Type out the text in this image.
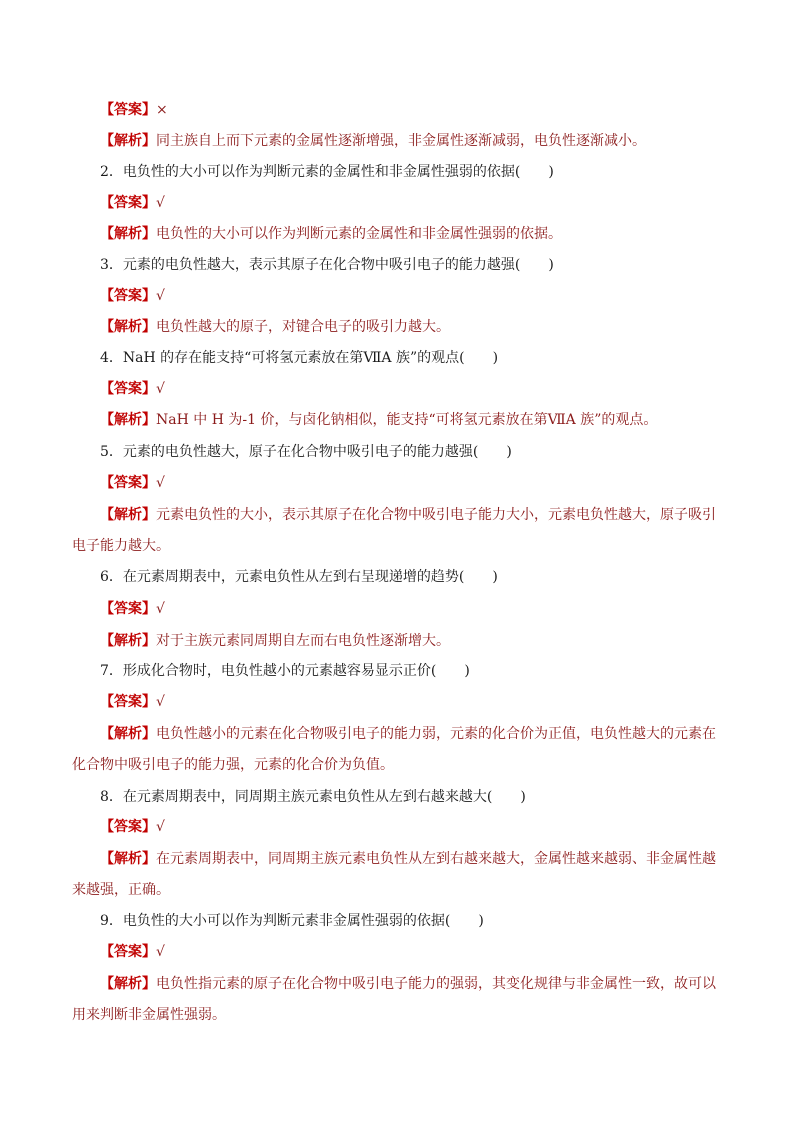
【答案】×
【解析】同主族自上而下元素的金属性逐渐增强，非金属性逐渐减弱，电负性逐渐减小。
2．电负性的大小可以作为判断元素的金属性和非金属性强弱的依据(　　)
【答案】√
【解析】电负性的大小可以作为判断元素的金属性和非金属性强弱的依据。
3．元素的电负性越大，表示其原子在化合物中吸引电子的能力越强(　　)
【答案】√
【解析】电负性越大的原子，对键合电子的吸引力越大。
4．NaH 的存在能支持“可将氢元素放在第ⅦA 族”的观点(　　)
【答案】√
【解析】NaH 中 H 为-1 价，与卤化钠相似，能支持“可将氢元素放在第ⅦA 族”的观点。
5．元素的电负性越大，原子在化合物中吸引电子的能力越强(　　)
【答案】√
【解析】元素电负性的大小，表示其原子在化合物中吸引电子能力大小，元素电负性越大，原子吸引
电子能力越大。
6．在元素周期表中，元素电负性从左到右呈现递增的趋势(　　)
【答案】√
【解析】对于主族元素同周期自左而右电负性逐渐增大。
7．形成化合物时，电负性越小的元素越容易显示正价(　　)
【答案】√
【解析】电负性越小的元素在化合物吸引电子的能力弱，元素的化合价为正值，电负性越大的元素在
化合物中吸引电子的能力强，元素的化合价为负值。
8．在元素周期表中，同周期主族元素电负性从左到右越来越大(　　)
【答案】√
【解析】在元素周期表中，同周期主族元素电负性从左到右越来越大，金属性越来越弱、非金属性越
来越强，正确。
9．电负性的大小可以作为判断元素非金属性强弱的依据(　　)
【答案】√
【解析】电负性指元素的原子在化合物中吸引电子能力的强弱，其变化规律与非金属性一致，故可以
用来判断非金属性强弱。
